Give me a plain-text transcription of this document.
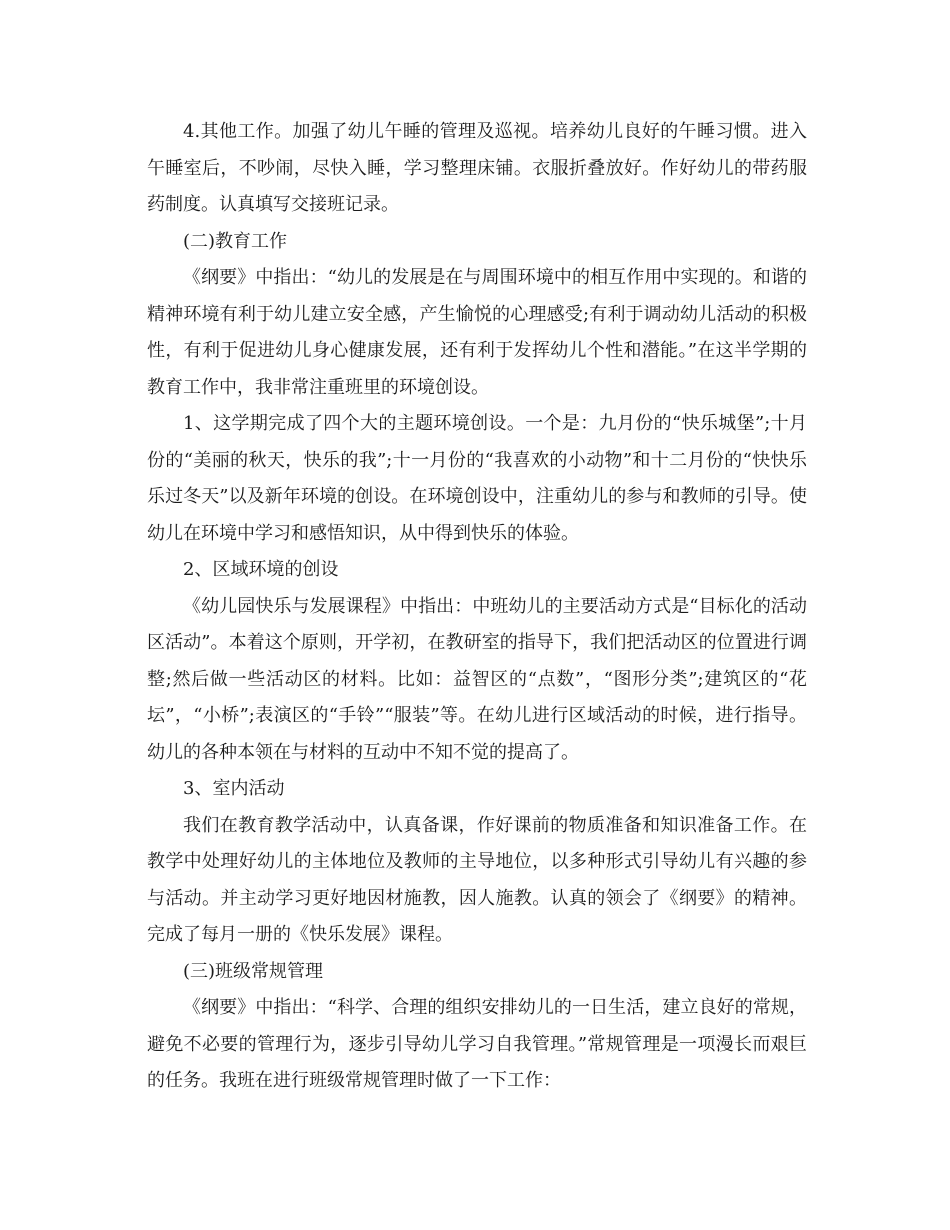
4.其他工作。加强了幼儿午睡的管理及巡视。培养幼儿良好的午睡习惯。进入午睡室后，不吵闹，尽快入睡，学习整理床铺。衣服折叠放好。作好幼儿的带药服药制度。认真填写交接班记录。

(二)教育工作

《纲要》中指出：“幼儿的发展是在与周围环境中的相互作用中实现的。和谐的精神环境有利于幼儿建立安全感，产生愉悦的心理感受;有利于调动幼儿活动的积极性，有利于促进幼儿身心健康发展，还有利于发挥幼儿个性和潜能。”在这半学期的教育工作中，我非常注重班里的环境创设。

1、这学期完成了四个大的主题环境创设。一个是：九月份的“快乐城堡”;十月份的“美丽的秋天，快乐的我”;十一月份的“我喜欢的小动物”和十二月份的“快快乐乐过冬天”以及新年环境的创设。在环境创设中，注重幼儿的参与和教师的引导。使幼儿在环境中学习和感悟知识，从中得到快乐的体验。

2、区域环境的创设

《幼儿园快乐与发展课程》中指出：中班幼儿的主要活动方式是“目标化的活动区活动”。本着这个原则，开学初，在教研室的指导下，我们把活动区的位置进行调整;然后做一些活动区的材料。比如：益智区的“点数”，“图形分类”;建筑区的“花坛”，“小桥”;表演区的“手铃”“服装”等。在幼儿进行区域活动的时候，进行指导。幼儿的各种本领在与材料的互动中不知不觉的提高了。

3、室内活动

我们在教育教学活动中，认真备课，作好课前的物质准备和知识准备工作。在教学中处理好幼儿的主体地位及教师的主导地位，以多种形式引导幼儿有兴趣的参与活动。并主动学习更好地因材施教，因人施教。认真的领会了《纲要》的精神。完成了每月一册的《快乐发展》课程。

(三)班级常规管理

《纲要》中指出：“科学、合理的组织安排幼儿的一日生活，建立良好的常规，避免不必要的管理行为，逐步引导幼儿学习自我管理。”常规管理是一项漫长而艰巨的任务。我班在进行班级常规管理时做了一下工作：
